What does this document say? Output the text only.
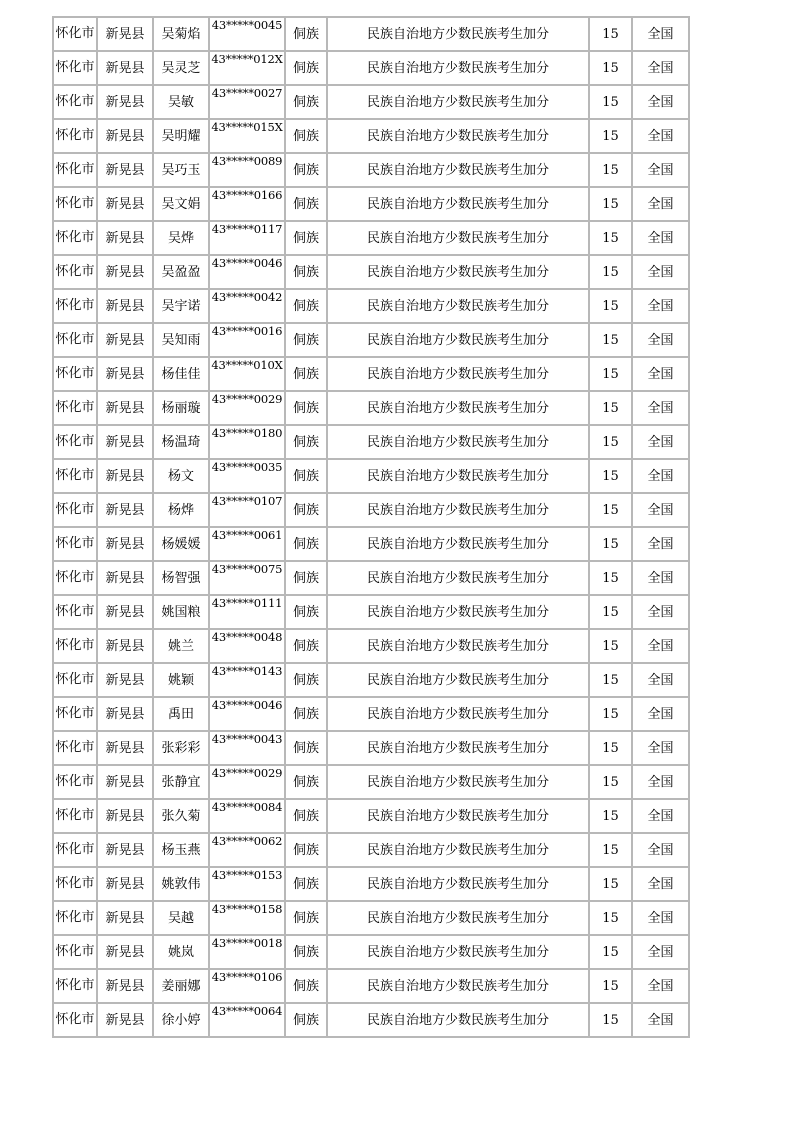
怀化市	新晃县	吴菊焰	43*****0045	侗族	民族自治地方少数民族考生加分	15	全国
怀化市	新晃县	吴灵芝	43*****012X	侗族	民族自治地方少数民族考生加分	15	全国
怀化市	新晃县	吴敏	43*****0027	侗族	民族自治地方少数民族考生加分	15	全国
怀化市	新晃县	吴明耀	43*****015X	侗族	民族自治地方少数民族考生加分	15	全国
怀化市	新晃县	吴巧玉	43*****0089	侗族	民族自治地方少数民族考生加分	15	全国
怀化市	新晃县	吴文娟	43*****0166	侗族	民族自治地方少数民族考生加分	15	全国
怀化市	新晃县	吴烨	43*****0117	侗族	民族自治地方少数民族考生加分	15	全国
怀化市	新晃县	吴盈盈	43*****0046	侗族	民族自治地方少数民族考生加分	15	全国
怀化市	新晃县	吴宇诺	43*****0042	侗族	民族自治地方少数民族考生加分	15	全国
怀化市	新晃县	吴知雨	43*****0016	侗族	民族自治地方少数民族考生加分	15	全国
怀化市	新晃县	杨佳佳	43*****010X	侗族	民族自治地方少数民族考生加分	15	全国
怀化市	新晃县	杨丽璇	43*****0029	侗族	民族自治地方少数民族考生加分	15	全国
怀化市	新晃县	杨温琦	43*****0180	侗族	民族自治地方少数民族考生加分	15	全国
怀化市	新晃县	杨文	43*****0035	侗族	民族自治地方少数民族考生加分	15	全国
怀化市	新晃县	杨烨	43*****0107	侗族	民族自治地方少数民族考生加分	15	全国
怀化市	新晃县	杨媛媛	43*****0061	侗族	民族自治地方少数民族考生加分	15	全国
怀化市	新晃县	杨智强	43*****0075	侗族	民族自治地方少数民族考生加分	15	全国
怀化市	新晃县	姚国粮	43*****0111	侗族	民族自治地方少数民族考生加分	15	全国
怀化市	新晃县	姚兰	43*****0048	侗族	民族自治地方少数民族考生加分	15	全国
怀化市	新晃县	姚颖	43*****0143	侗族	民族自治地方少数民族考生加分	15	全国
怀化市	新晃县	禹田	43*****0046	侗族	民族自治地方少数民族考生加分	15	全国
怀化市	新晃县	张彩彩	43*****0043	侗族	民族自治地方少数民族考生加分	15	全国
怀化市	新晃县	张静宜	43*****0029	侗族	民族自治地方少数民族考生加分	15	全国
怀化市	新晃县	张久菊	43*****0084	侗族	民族自治地方少数民族考生加分	15	全国
怀化市	新晃县	杨玉燕	43*****0062	侗族	民族自治地方少数民族考生加分	15	全国
怀化市	新晃县	姚敦伟	43*****0153	侗族	民族自治地方少数民族考生加分	15	全国
怀化市	新晃县	吴越	43*****0158	侗族	民族自治地方少数民族考生加分	15	全国
怀化市	新晃县	姚岚	43*****0018	侗族	民族自治地方少数民族考生加分	15	全国
怀化市	新晃县	姜丽娜	43*****0106	侗族	民族自治地方少数民族考生加分	15	全国
怀化市	新晃县	徐小婷	43*****0064	侗族	民族自治地方少数民族考生加分	15	全国
